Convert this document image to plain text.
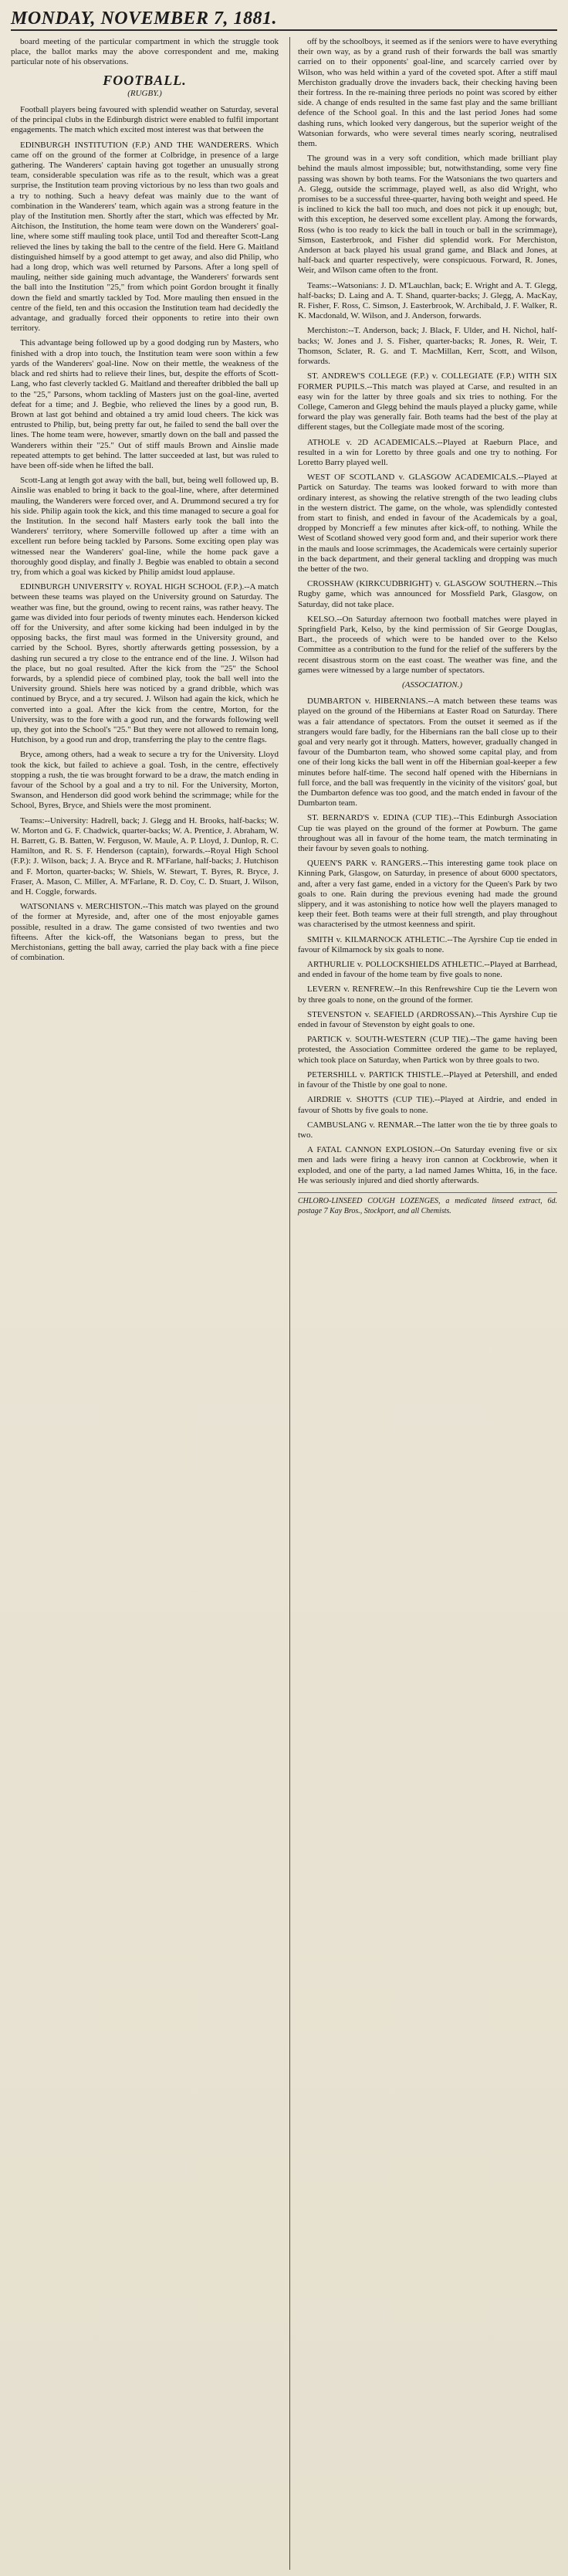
MONDAY, NOVEMBER 7, 1881.

board meeting of the particular compartment in which the struggle took place, the ballot marks may the above correspondent and me, making particular note of his observations.

FOOTBALL.
(RUGBY.)

Football players being favoured with splendid weather on Saturday, several of the principal clubs in the Edinburgh district were enabled to fulfil important engagements. The match which excited most interest was that between the

EDINBURGH INSTITUTION (F.P.) AND THE WANDERERS. Which came off on the ground of the former at Colbridge, in presence of a large gathering. The Wanderers' captain having got together an unusually strong team, considerable speculation was rife as to the result, which was a great surprise, the Institution team proving victorious by no less than two goals and a try to nothing. Such a heavy defeat was mainly due to the want of combination in the Wanderers' team, which again was a strong feature in the play of the Institution men. Shortly after the start, which was effected by Mr. Aitchison, the Institution, the home team were down on the Wanderers' goal-line, where some stiff mauling took place, until Tod and thereafter Scott-Lang relieved the lines by taking the ball to the centre of the field. Here G. Maitland distinguished himself by a good attempt to get away, and also did Philip, who had a long drop, which was well returned by Parsons. After a long spell of mauling, neither side gaining much advantage, the Wanderers' forwards sent the ball into the Institution "25," from which point Gordon brought it finally down the field and smartly tackled by Tod. More mauling then ensued in the centre of the field, ten and this occasion the Institution team had decidedly the advantage, and gradually forced their opponents to retire into their own territory.

This advantage being followed up by a good dodging run by Masters, who finished with a drop into touch, the Institution team were soon within a few yards of the Wanderers' goal-line. Now on their mettle, the weakness of the black and red shirts had to relieve their lines, but, despite the efforts of Scott-Lang, who fast cleverly tackled G. Maitland and thereafter dribbled the ball up to the "25," Parsons, whom tackling of Masters just on the goal-line, averted defeat for a time; and J. Begbie, who relieved the lines by a good run, B. Brown at last got behind and obtained a try amid loud cheers. The kick was entrusted to Philip, but, being pretty far out, he failed to send the ball over the lines. The home team were, however, smartly down on the ball and passed the Wanderers within their "25." Out of stiff mauls Brown and Ainslie made repeated attempts to get behind. The latter succeeded at last, but was ruled to have been off-side when he lifted the ball.

Scott-Lang at length got away with the ball, but, being well followed up, B. Ainslie was enabled to bring it back to the goal-line, where, after determined mauling, the Wanderers were forced over, and A. Drummond secured a try for his side. Philip again took the kick, and this time managed to secure a goal for the Institution. In the second half Masters early took the ball into the Wanderers' territory, where Somerville followed up after a time with an excellent run before being tackled by Parsons. Some exciting open play was witnessed near the Wanderers' goal-line, while the home pack gave a thoroughly good display, and finally J. Begbie was enabled to obtain a second try, from which a goal was kicked by Philip amidst loud applause.

EDINBURGH UNIVERSITY v. ROYAL HIGH SCHOOL (F.P.).--A match between these teams was played on the University ground on Saturday. The weather was fine, but the ground, owing to recent rains, was rather heavy. The game was divided into four periods of twenty minutes each. Henderson kicked off for the University, and after some kicking had been indulged in by the opposing backs, the first maul was formed in the University ground, and carried by the School. Byres, shortly afterwards getting possession, by a dashing run secured a try close to the entrance end of the line. J. Wilson had the place, but no goal resulted. After the kick from the "25" the School forwards, by a splendid piece of combined play, took the ball well into the University ground. Shiels here was noticed by a grand dribble, which was continued by Bryce, and a try secured. J. Wilson had again the kick, which he converted into a goal. After the kick from the centre, Morton, for the University, was to the fore with a good run, and the forwards following well up, they got into the School's "25." But they were not allowed to remain long, Hutchison, by a good run and drop, transferring the play to the centre flags.

Bryce, among others, had a weak to secure a try for the University. Lloyd took the kick, but failed to achieve a goal. Tosh, in the centre, effectively stopping a rush, the tie was brought forward to be a draw, the match ending in favour of the School by a goal and a try to nil. For the University, Morton, Swanson, and Henderson did good work behind the scrimmage; while for the School, Byres, Bryce, and Shiels were the most prominent.

Teams:--University: Hadrell, back; J. Glegg and H. Brooks, half-backs; W. W. Morton and G. F. Chadwick, quarter-backs; W. A. Prentice, J. Abraham, W. H. Barrett, G. B. Batten, W. Ferguson, W. Maule, A. P. Lloyd, J. Dunlop, R. C. Hamilton, and R. S. F. Henderson (captain), forwards.--Royal High School (F.P.): J. Wilson, back; J. A. Bryce and R. M'Farlane, half-backs; J. Hutchison and F. Morton, quarter-backs; W. Shiels, W. Stewart, T. Byres, R. Bryce, J. Fraser, A. Mason, C. Miller, A. M'Farlane, R. D. Coy, C. D. Stuart, J. Wilson, and H. Coggle, forwards.

WATSONIANS v. MERCHISTON.--This match was played on the ground of the former at Myreside, and, after one of the most enjoyable games possible, resulted in a draw. The game consisted of two twenties and two fifteens. After the kick-off, the Watsonians began to press, but the Merchistonians, getting the ball away, carried the play back with a fine piece of combination.

off by the schoolboys, it seemed as if the seniors were to have everything their own way, as by a grand rush of their forwards the ball was smartly carried on to their opponents' goal-line, and scarcely carried over by Wilson, who was held within a yard of the coveted spot. After a stiff maul Merchiston gradually drove the invaders back, their checking having been their fortress. In the re-maining three periods no point was scored by either side. A change of ends resulted in the same fast play and the same brilliant defence of the School goal. In this and the last period Jones had some dashing runs, which looked very dangerous, but the superior weight of the Watsonian forwards, who were several times nearly scoring, neutralised them.

The ground was in a very soft condition, which made brilliant play behind the mauls almost impossible; but, notwithstanding, some very fine passing was shown by both teams. For the Watsonians the two quarters and A. Glegg, outside the scrimmage, played well, as also did Wright, who promises to be a successful three-quarter, having both weight and speed. He is inclined to kick the ball too much, and does not pick it up enough; but, with this exception, he deserved some excellent play. Among the forwards, Ross (who is too ready to kick the ball in touch or ball in the scrimmage), Simson, Easterbrook, and Fisher did splendid work. For Merchiston, Anderson at back played his usual grand game, and Black and Jones, at half-back and quarter respectively, were conspicuous. Forward, R. Jones, Weir, and Wilson came often to the front.

Teams:--Watsonians: J. D. M'Lauchlan, back; E. Wright and A. T. Glegg, half-backs; D. Laing and A. T. Shand, quarter-backs; J. Glegg, A. MacKay, R. Fisher, F. Ross, C. Simson, J. Easterbrook, W. Archibald, J. F. Walker, R. K. Macdonald, W. Wilson, and J. Anderson, forwards.

Merchiston:--T. Anderson, back; J. Black, F. Ulder, and H. Nichol, half-backs; W. Jones and J. S. Fisher, quarter-backs; R. Jones, R. Weir, T. Thomson, Sclater, R. G. and T. MacMillan, Kerr, Scott, and Wilson, forwards.

ST. ANDREW'S COLLEGE (F.P.) v. COLLEGIATE (F.P.) WITH SIX FORMER PUPILS.--This match was played at Carse, and resulted in an easy win for the latter by three goals and six tries to nothing. For the College, Cameron and Glegg behind the mauls played a plucky game, while forward the play was generally fair. Both teams had the best of the play at different stages, but the Collegiate made most of the scoring.

ATHOLE v. 2D ACADEMICALS.--Played at Raeburn Place, and resulted in a win for Loretto by three goals and one try to nothing. For Loretto Barry played well.

WEST OF SCOTLAND v. GLASGOW ACADEMICALS.--Played at Partick on Saturday. The teams was looked forward to with more than ordinary interest, as showing the relative strength of the two leading clubs in the western district. The game, on the whole, was splendidly contested from start to finish, and ended in favour of the Academicals by a goal, dropped by Moncrieff a few minutes after kick-off, to nothing. While the West of Scotland showed very good form and, and their superior work there in the mauls and loose scrimmages, the Academicals were certainly superior in the back department, and their general tackling and dropping was much the better of the two.

CROSSHAW (KIRKCUDBRIGHT) v. GLASGOW SOUTHERN.--This Rugby game, which was announced for Mossfield Park, Glasgow, on Saturday, did not take place.

KELSO.--On Saturday afternoon two football matches were played in Springfield Park, Kelso, by the kind permission of Sir George Douglas, Bart., the proceeds of which were to be handed over to the Kelso Committee as a contribution to the fund for the relief of the sufferers by the recent disastrous storm on the east coast. The weather was fine, and the games were witnessed by a large number of spectators.

(ASSOCIATION.)

DUMBARTON v. HIBERNIANS.--A match between these teams was played on the ground of the Hibernians at Easter Road on Saturday. There was a fair attendance of spectators. From the outset it seemed as if the strangers would fare badly, for the Hibernians ran the ball close up to their goal and very nearly got it through. Matters, however, gradually changed in favour of the Dumbarton team, who showed some capital play, and from one of their long kicks the ball went in off the Hibernian goal-keeper a few minutes before half-time. The second half opened with the Hibernians in full force, and the ball was frequently in the vicinity of the visitors' goal, but the Dumbarton defence was too good, and the match ended in favour of the Dumbarton team.

ST. BERNARD'S v. EDINA (CUP TIE).--This Edinburgh Association Cup tie was played on the ground of the former at Powburn. The game throughout was all in favour of the home team, the match terminating in their favour by seven goals to nothing.

QUEEN'S PARK v. RANGERS.--This interesting game took place on Kinning Park, Glasgow, on Saturday, in presence of about 6000 spectators, and, after a very fast game, ended in a victory for the Queen's Park by two goals to one. Rain during the previous evening had made the ground slippery, and it was astonishing to notice how well the players managed to keep their feet. Both teams were at their full strength, and play throughout was characterised by the utmost keenness and spirit.

SMITH v. KILMARNOCK ATHLETIC.--The Ayrshire Cup tie ended in favour of Kilmarnock by six goals to none.

ARTHURLIE v. POLLOCKSHIELDS ATHLETIC.--Played at Barrhead, and ended in favour of the home team by five goals to none.

LEVERN v. RENFREW.--In this Renfrewshire Cup tie the Levern won by three goals to none, on the ground of the former.

STEVENSTON v. SEAFIELD (ARDROSSAN).--This Ayrshire Cup tie ended in favour of Stevenston by eight goals to one.

PARTICK v. SOUTH-WESTERN (CUP TIE).--The game having been protested, the Association Committee ordered the game to be replayed, which took place on Saturday, when Partick won by three goals to two.

PETERSHILL v. PARTICK THISTLE.--Played at Petershill, and ended in favour of the Thistle by one goal to none.

AIRDRIE v. SHOTTS (CUP TIE).--Played at Airdrie, and ended in favour of Shotts by five goals to none.

CAMBUSLANG v. RENMAR.--The latter won the tie by three goals to two.

A FATAL CANNON EXPLOSION.--On Saturday evening five or six men and lads were firing a heavy iron cannon at Cockbrowie, when it exploded, and one of the party, a lad named James Whitta, 16, in the face. He was seriously injured and died shortly afterwards.

CHLORO-LINSEED COUGH LOZENGES, a medicated linseed extract, 6d. postage 7 Kay Bros., Stockport, and all Chemists.
